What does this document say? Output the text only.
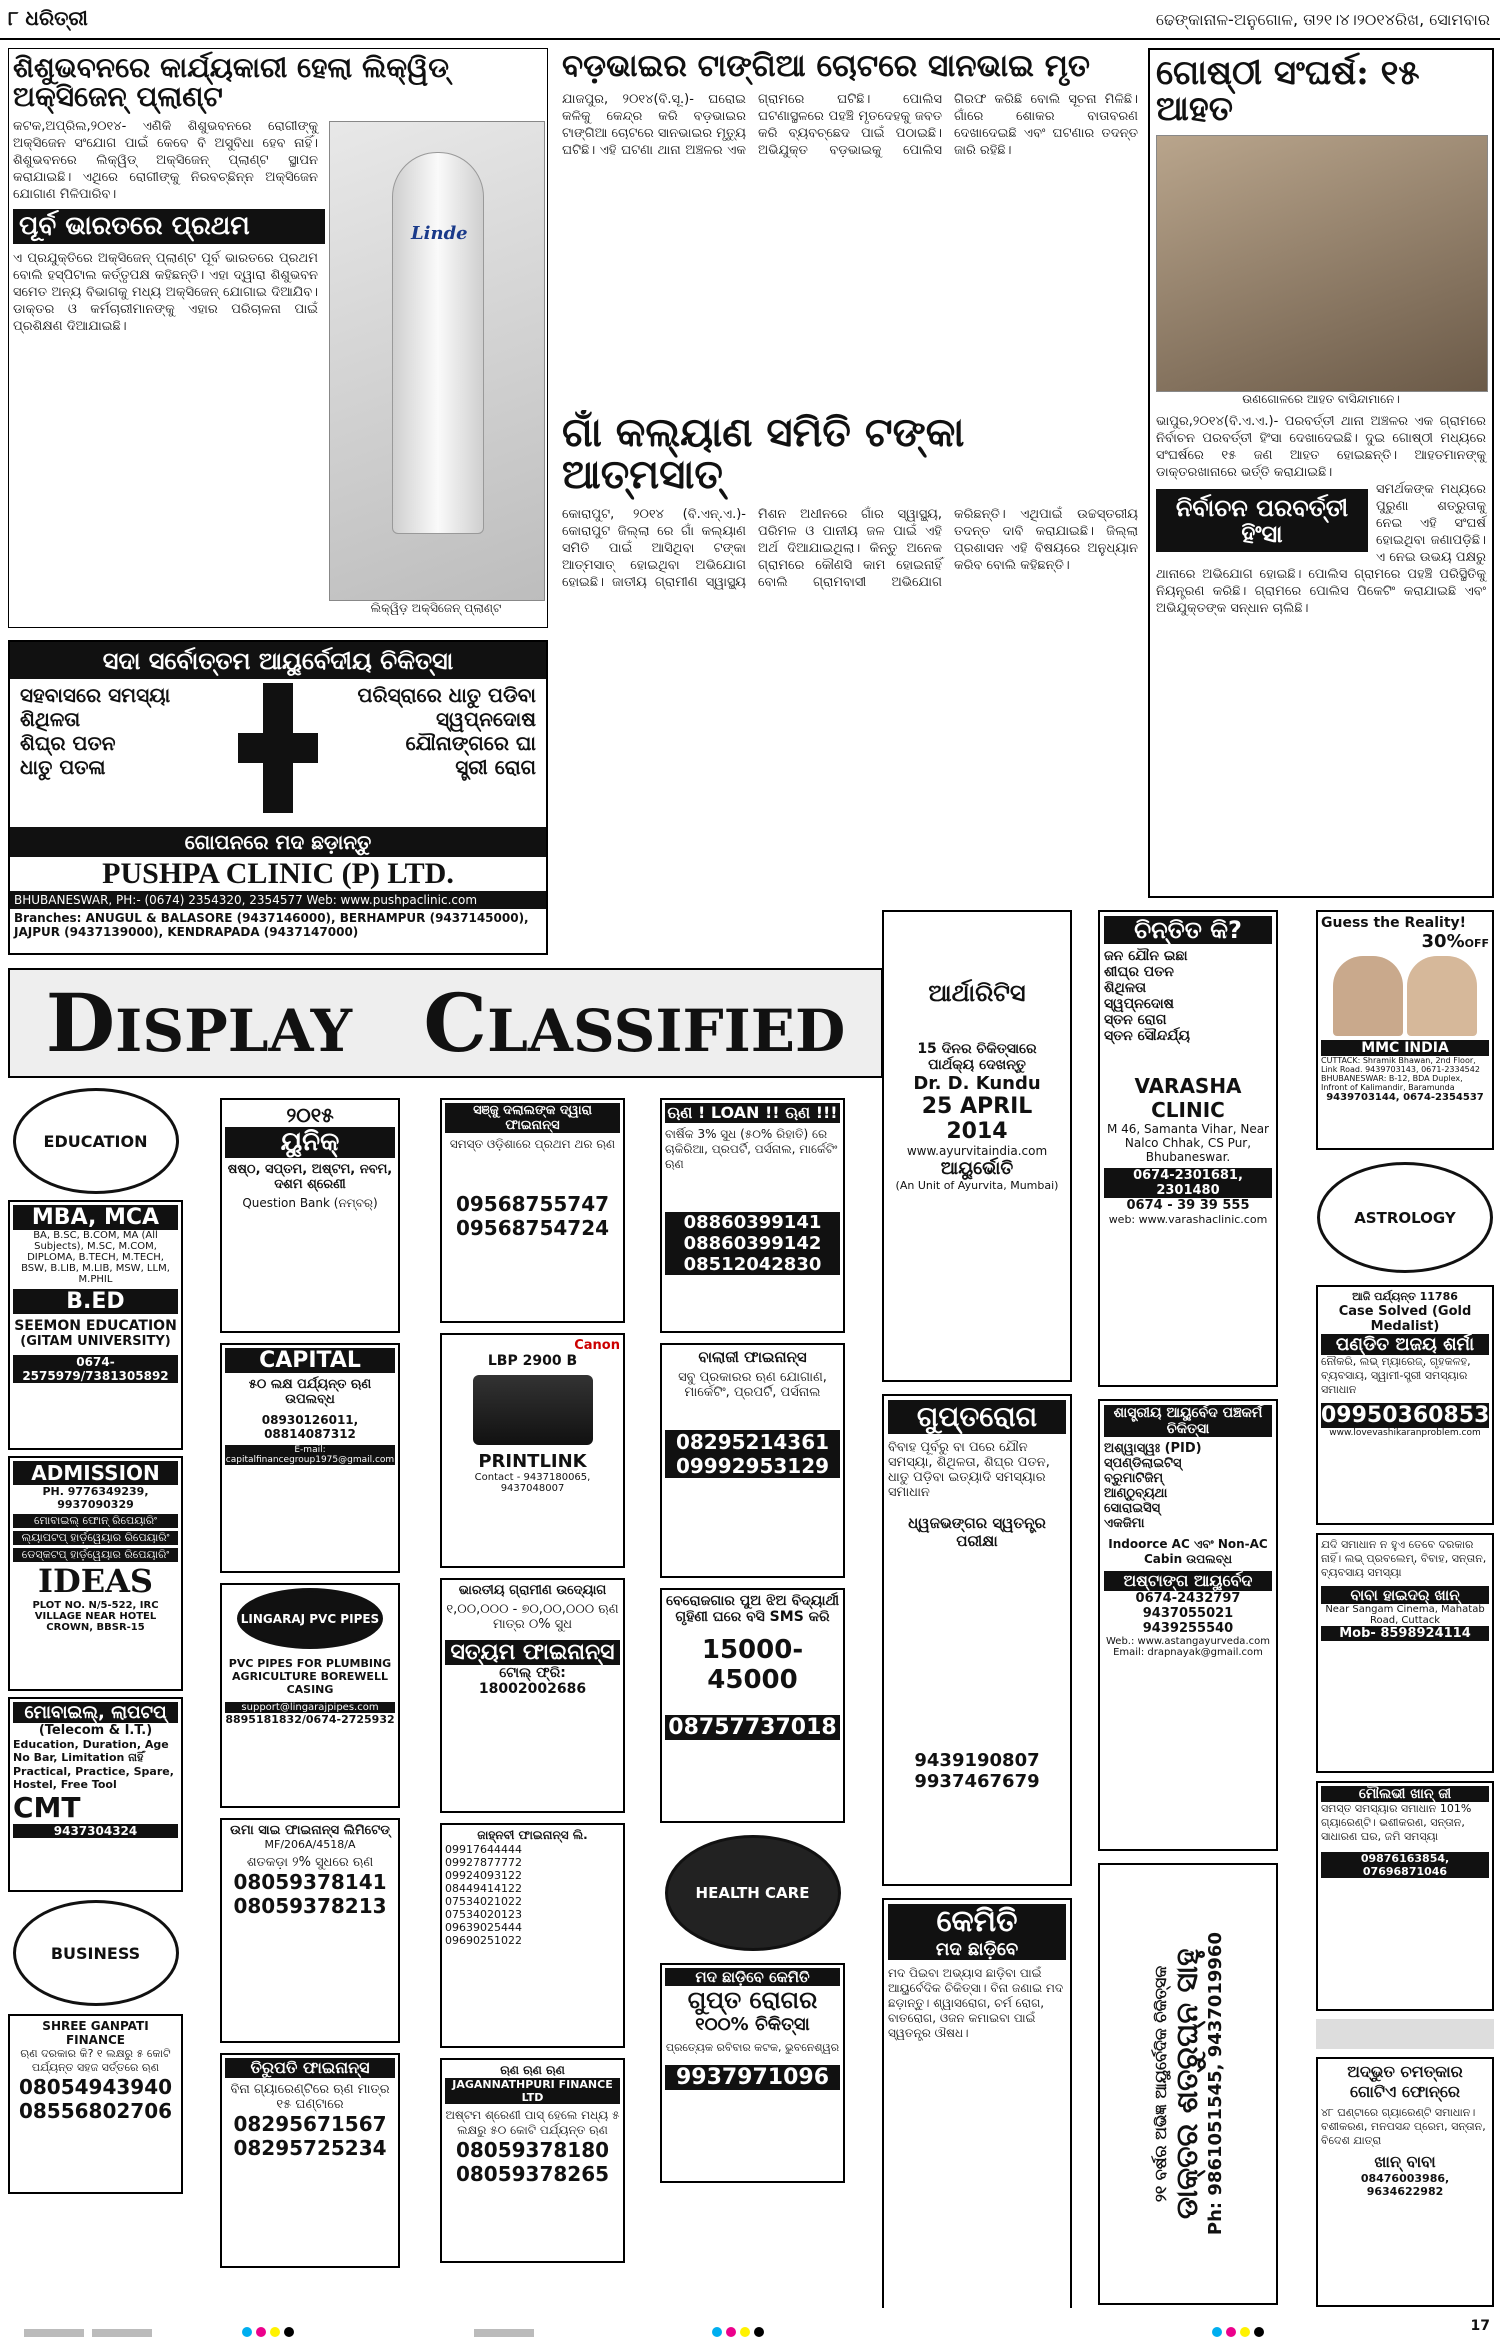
୮ ଧରିତ୍ରୀ	ଢେଙ୍କାନାଳ-ଅନୁଗୋଳ, ତା୨୧।୪।୨୦୧୪ରିଖ, ସୋମବାର
ଶିଶୁଭବନରେ କାର୍ଯ୍ୟକାରୀ ହେଲା ଲିକ୍ୱିଡ୍ ଅକ୍ସିଜେନ୍ ପ୍ଲାଣ୍ଟ
Linde
ଲିକ୍ୱିଡ଼ ଅକ୍ସିଜେନ୍ ପ୍ଲାଣ୍ଟ

କଟକ,ଅପ୍ରିଲ,୨୦୧୪- ଏଣିକି ଶିଶୁଭବନରେ ରୋଗୀଙ୍କୁ ଅକ୍ସିଜେନ ସଂଯୋଗ ପାଇଁ କେବେ ବି ଅସୁବିଧା ହେବ ନାହିଁ। ଶିଶୁଭବନରେ ଲିକ୍ୱିଡ୍ ଅକ୍ସିଜେନ୍ ପ୍ଲାଣ୍ଟ ସ୍ଥାପନ କରାଯାଇଛି। ଏଥିରେ ରୋଗୀଙ୍କୁ ନିରବଚ୍ଛିନ୍ନ ଅକ୍ସିଜେନ ଯୋଗାଣ ମିଳିପାରିବ।

ପୂର୍ବ ଭାରତରେ ପ୍ରଥମ

ଏ ପ୍ରଯୁକ୍ତିରେ ଅକ୍ସିଜେନ୍ ପ୍ଲାଣ୍ଟ ପୂର୍ବ ଭାରତରେ ପ୍ରଥମ ବୋଲି ହସ୍ପିଟାଲ କର୍ତ୍ତୃପକ୍ଷ କହିଛନ୍ତି। ଏହା ଦ୍ୱାରା ଶିଶୁଭବନ ସମେତ ଅନ୍ୟ ବିଭାଗକୁ ମଧ୍ୟ ଅକ୍ସିଜେନ୍ ଯୋଗାଇ ଦିଆଯିବ। ଡାକ୍ତର ଓ କର୍ମଚାରୀମାନଙ୍କୁ ଏହାର ପରିଚାଳନା ପାଇଁ ପ୍ରଶିକ୍ଷଣ ଦିଆଯାଇଛି।

ବଡ଼ଭାଇର ଟାଙ୍ଗିଆ ଚୋଟରେ ସାନଭାଇ ମୃତ
ଯାଜପୁର, ୨୦୧୪(ବି.ସୂ.)- ଘରୋଇ କଳିକୁ କେନ୍ଦ୍ର କରି ବଡ଼ଭାଇର ଟାଙ୍ଗିଆ ଚୋଟରେ ସାନଭାଇର ମୃତ୍ୟୁ ଘଟିଛି। ଏହି ଘଟଣା ଥାନା ଅଞ୍ଚଳର ଏକ ଗ୍ରାମରେ ଘଟିଛି। ପୋଲିସ ଘଟଣାସ୍ଥଳରେ ପହଞ୍ଚି ମୃତଦେହକୁ ଜବତ କରି ବ୍ୟବଚ୍ଛେଦ ପାଇଁ ପଠାଇଛି। ଅଭିଯୁକ୍ତ ବଡ଼ଭାଇକୁ ପୋଲିସ ଗିରଫ କରିଛି ବୋଲି ସୂଚନା ମିଳିଛି। ଗାଁରେ ଶୋକର ବାତାବରଣ ଦେଖାଦେଇଛି ଏବଂ ଘଟଣାର ତଦନ୍ତ ଜାରି ରହିଛି।
ଗାଁ କଲ୍ୟାଣ ସମିତି ଟଙ୍କା ଆତ୍ମସାତ୍
କୋରାପୁଟ, ୨୦୧୪ (ବି.ଏନ୍.ଏ.)- କୋରାପୁଟ ଜିଲ୍ଲା ରେ ଗାଁ କଲ୍ୟାଣ ସମିତି ପାଇଁ ଆସିଥିବା ଟଙ୍କା ଆତ୍ମସାତ୍ ହୋଇଥିବା ଅଭିଯୋଗ ହୋଇଛି। ଜାତୀୟ ଗ୍ରାମୀଣ ସ୍ୱାସ୍ଥ୍ୟ ମିଶନ ଅଧୀନରେ ଗାଁର ସ୍ୱାସ୍ଥ୍ୟ, ପରିମଳ ଓ ପାନୀୟ ଜଳ ପାଇଁ ଏହି ଅର୍ଥ ଦିଆଯାଇଥିଲା। କିନ୍ତୁ ଅନେକ ଗ୍ରାମରେ କୌଣସି କାମ ହୋଇନାହିଁ ବୋଲି ଗ୍ରାମବାସୀ ଅଭିଯୋଗ କରିଛନ୍ତି। ଏଥିପାଇଁ ଉଚ୍ଚସ୍ତରୀୟ ତଦନ୍ତ ଦାବି କରାଯାଇଛି। ଜିଲ୍ଲା ପ୍ରଶାସନ ଏହି ବିଷୟରେ ଅନୁଧ୍ୟାନ କରିବ ବୋଲି କହିଛନ୍ତି।
ଗୋଷ୍ଠୀ ସଂଘର୍ଷ: ୧୫ ଆହତ
ଉଣଗୋଳରେ ଆହତ ବାସିନ୍ଦାମାନେ।
ଭାପୁର,୨୦୧୪(ବି.ଏ.ଏ.)- ପରବର୍ତ୍ତୀ ଥାନା ଅଞ୍ଚଳର ଏକ ଗ୍ରାମରେ ନିର୍ବାଚନ ପରବର୍ତ୍ତୀ ହିଂସା ଦେଖାଦେଇଛି। ଦୁଇ ଗୋଷ୍ଠୀ ମଧ୍ୟରେ ସଂଘର୍ଷରେ ୧୫ ଜଣ ଆହତ ହୋଇଛନ୍ତି। ଆହତମାନଙ୍କୁ ଡାକ୍ତରଖାନାରେ ଭର୍ତ୍ତି କରାଯାଇଛି।
ନିର୍ବାଚନ ପରବର୍ତ୍ତୀ ହିଂସା
ସମର୍ଥକଙ୍କ ମଧ୍ୟରେ ପୁରୁଣା ଶତ୍ରୁତାକୁ ନେଇ ଏହି ସଂଘର୍ଷ ହୋଇଥିବା ଜଣାପଡ଼ିଛି। ଏ ନେଇ ଉଭୟ ପକ୍ଷରୁ ଥାନାରେ ଅଭିଯୋଗ ହୋଇଛି। ପୋଲିସ ଗ୍ରାମରେ ପହଞ୍ଚି ପରିସ୍ଥିତିକୁ ନିୟନ୍ତ୍ରଣ କରିଛି। ଗ୍ରାମରେ ପୋଲିସ ପିକେଟିଂ କରାଯାଇଛି ଏବଂ ଅଭିଯୁକ୍ତଙ୍କ ସନ୍ଧାନ ଚାଲିଛି।
ସଦା ସର୍ବୋତ୍ତମ ଆୟୁର୍ବେଦୀୟ ଚିକିତ୍ସା
ସହବାସରେ ସମସ୍ୟା
ଶିଥିଳତା
ଶିଘ୍ର ପତନ
ଧାତୁ ପତଳା
ପରିସ୍ରାରେ ଧାତୁ ପଡିବା
ସ୍ୱପ୍ନଦୋଷ
ଯୌନାଙ୍ଗରେ ଘା
ସ୍ତ୍ରୀ ରୋଗ
ଗୋପନରେ ମଦ ଛଡ଼ାନ୍ତୁ
PUSHPA CLINIC (P) LTD.
BHUBANESWAR, PH:- (0674) 2354320, 2354577 Web: www.pushpaclinic.com
Branches: ANUGUL & BALASORE (9437146000), BERHAMPUR (9437145000), JAJPUR (9437139000), KENDRAPADA (9437147000)
DISPLAY CLASSIFIED
EDUCATION
MBA, MCA
BA, B.SC, B.COM, MA (All Subjects), M.SC, M.COM, DIPLOMA, B.TECH, M.TECH, BSW, B.LIB, M.LIB, MSW, LLM, M.PHIL
B.ED
SEEMON EDUCATION
(GITAM UNIVERSITY)
0674-2575979/7381305892
ADMISSION
PH. 9776349239, 9937090329
ମୋବାଇଲ୍ ଫୋନ୍ ରିପେୟାରିଂ
ଲ୍ୟାପଟପ୍ ହାର୍ଡ଼ୱେୟାର ରିପେୟାରିଂ
ଡେସ୍କଟପ୍ ହାର୍ଡ଼ୱେୟାର ରିପେୟାରିଂ
IDEAS
PLOT NO. N/5-522, IRC VILLAGE NEAR HOTEL CROWN, BBSR-15
ମୋବାଇଲ୍, ଲାପଟପ୍
(Telecom & I.T.)
Education, Duration, Age No Bar, Limitation ନାହିଁ Practical, Practice, Spare, Hostel, Free Tool
CMT
9437304324
BUSINESS
SHREE GANPATI FINANCE
ଋଣ ଦରକାର କି? ୧ ଲକ୍ଷରୁ ୫ କୋଟି ପର୍ଯ୍ୟନ୍ତ ସହଜ ସର୍ତ୍ତରେ ଋଣ
08054943940
08556802706
୨୦୧୫
ୟୁନିକ୍
ଷଷ୍ଠ, ସପ୍ତମ, ଅଷ୍ଟମ, ନବମ, ଦଶମ ଶ୍ରେଣୀ
Question Bank (ନମ୍ବର୍)
CAPITAL
୫୦ ଲକ୍ଷ ପର୍ଯ୍ୟନ୍ତ ଋଣ ଉପଲବ୍ଧ
08930126011, 08814087312
E-mail: capitalfinancegroup1975@gmail.com
LINGARAJ PVC PIPES
PVC PIPES FOR PLUMBING AGRICULTURE BOREWELL CASING
support@lingarajpipes.com
8895181832/0674-2725932
ଉମା ସାଇ ଫାଇନାନ୍ସ ଲିମିଟେଡ୍
MF/206A/4518/A
ଶତକଡ଼ା ୨% ସୁଧରେ ଋଣ
08059378141
08059378213
ତିରୁପତି ଫାଇନାନ୍ସ
ବିନା ଗ୍ୟାରେଣ୍ଟିରେ ଋଣ ମାତ୍ର ୧୫ ଘଣ୍ଟାରେ
08295671567
08295725234
ସଞ୍ଜୁ ଦଲାଲଙ୍କ ଦ୍ୱାରା ଫାଇନାନ୍ସ
ସମସ୍ତ ଓଡ଼ିଶାରେ ପ୍ରଥମ ଥର ଋଣ
09568755747
09568754724
Canon
LBP 2900 B
PRINTLINK
Contact - 9437180065, 9437048007
ଭାରତୀୟ ଗ୍ରାମୀଣ ଉଦ୍ୟୋଗ
୧,୦୦,୦୦୦ - ୭୦,୦୦,୦୦୦ ଋଣ ମାତ୍ର ୦% ସୁଧ
ସତ୍ୟମ ଫାଇନାନ୍ସ
ଟୋଲ୍ ଫ୍ରି: 18002002686
ଜାହ୍ନବୀ ଫାଇନାନ୍ସ ଲି.
09917644444
09927877772
09924093122
08449414122
07534021022
07534020123
09639025444
09690251022
ଋଣ ଋଣ ଋଣ
JAGANNATHPURI FINANCE LTD
ଅଷ୍ଟମ ଶ୍ରେଣୀ ପାସ୍ ହେଲେ ମଧ୍ୟ ୫ ଲକ୍ଷରୁ ୫୦ କୋଟି ପର୍ଯ୍ୟନ୍ତ ଋଣ
08059378180
08059378265
ଋଣ ! LOAN !! ଋଣ !!!
ବାର୍ଷିକ 3% ସୁଧ (୫୦% ରିହାତି) ରେ ଚାକିରିଆ, ପ୍ରପର୍ଟି, ପର୍ସନାଲ, ମାର୍କେଟିଂ ଋଣ
08860399141
08860399142
08512042830
ବାଲାଜୀ ଫାଇନାନ୍ସ
ସବୁ ପ୍ରକାରର ଋଣ ଯୋଗାଣ, ମାର୍କେଟିଂ, ପ୍ରପର୍ଟି, ପର୍ସନାଲ
08295214361
09992953129
ବେରୋଜଗାର ପୁଅ ଝିଅ ବିଦ୍ୟାର୍ଥୀ ଗୃହିଣୀ ଘରେ ବସି SMS କରି
15000-45000
08757737018
HEALTH CARE
ମଦ ଛାଡ଼ିବେ କେମିତି
ଗୁପ୍ତ ରୋଗର
୧୦୦% ଚିକିତ୍ସା
ପ୍ରତ୍ୟେକ ରବିବାର କଟକ, ଭୁବନେଶ୍ୱର
9937971096
ସୋରାଇସିସ୍
ଓ ଅନ୍ୟ ଚର୍ମରୋଗ
ଆର୍ଥାରିଟିସ
ଡାଇବେଟିସ୍,ସ୍ତ୍ରୀ ରୋଗ
15 ଦିନର ଚିକିତ୍ସାରେ ପାର୍ଥକ୍ୟ ଦେଖନ୍ତୁ
Dr. D. Kundu
25 APRIL 2014
www.ayurvitaindia.com
ଆୟୁର୍ଭୋତି
(An Unit of Ayurvita, Mumbai)
8895434521
ଗୁପ୍ତରୋଗ
ବିବାହ ପୂର୍ବରୁ ବା ପରେ ଯୌନ ସମସ୍ୟା, ଶିଥିଳତା, ଶିଘ୍ର ପତନ, ଧାତୁ ପଡ଼ିବା ଇତ୍ୟାଦି ସମସ୍ୟାର ସମାଧାନ
ଧ୍ୱଜଭଙ୍ଗର ସ୍ୱତନ୍ତ୍ର ପରୀକ୍ଷା
9439190807
9937467679
କେମିତି
ମଦ ଛାଡ଼ିବେ
ମଦ ପିଇବା ଅଭ୍ୟାସ ଛାଡ଼ିବା ପାଇଁ ଆୟୁର୍ବେଦିକ ଚିକିତ୍ସା। ବିନା ଜଣାଇ ମଦ ଛଡ଼ାନ୍ତୁ। ଶ୍ୱାସରୋଗ, ଚର୍ମ ରୋଗ, ବାତରୋଗ, ଓଜନ କମାଇବା ପାଇଁ ସ୍ୱତନ୍ତ୍ର ଔଷଧ।
ଚିନ୍ତିତ କି?
ଜନ ଯୌନ ଇଛା
ଶୀଘ୍ର ପତନ
ଶିଥିଳତା
ସ୍ୱପ୍ନଦୋଷ
ସ୍ତନ ରୋଗ
ସ୍ତନ ସୌନ୍ଦର୍ଯ୍ୟ
VARASHA CLINIC
M 46, Samanta Vihar, Near Nalco Chhak, CS Pur, Bhubaneswar.
0674-2301681, 2301480
0674 - 39 39 555
web: www.varashaclinic.com
ଶାସ୍ତ୍ରୀୟ ଆୟୁର୍ବେଦ ପଞ୍ଚକର୍ମ ଚିକିତ୍ସା
ଅଶ୍ୱାସ୍ୱଃ (PID)
ସ୍ପଣ୍ଡିଲାଇଟିସ୍
ବ୍ରୁମାଟିଜିମ୍
ଆଣ୍ଠୁବ୍ୟଥା
ସୋରାଇସିସ୍
ଏକଜିମା
Indoorce AC ଏବଂ Non-AC Cabin ଉପଲବ୍ଧ
ଅଷ୍ଟାଙ୍ଗ ଆୟୁର୍ବେଦ
0674-2432797
9437055021
9439255540
Web.: www.astangayurveda.com
Email: drapnayak@gmail.com
୨୧ ବର୍ଷର ଅଭିଜ୍ଞ ଆୟୁର୍ବେଦିକ ଚିକିତ୍ସକ ଡାକ୍ତର ଶତ୍ରୁଘ୍ନ ସାହୁ Ph: 9861051545, 9437019960
Guess the Reality!
30%OFF
MMC INDIA
CUTTACK: Shramik Bhawan, 2nd Floor, Link Road. 9439703143, 0671-2334542 BHUBANESWAR: B-12, BDA Duplex, Infront of Kalimandir, Baramunda
9439703144, 0674-2354537
ASTROLOGY
ଆଜି ପର୍ଯ୍ୟନ୍ତ 11786
Case Solved (Gold Medalist)
ପଣ୍ଡିତ ଅଜୟ ଶର୍ମା
ନୌକରି, ଲଭ୍ ମ୍ୟାରେଜ୍, ଗୃହକଳହ, ବ୍ୟବସାୟ, ସ୍ୱାମୀ-ସ୍ତ୍ରୀ ସମସ୍ୟାର ସମାଧାନ
09950360853
www.lovevashikaranproblem.com
ଯଦି ସମାଧାନ ନ ହୁଏ ତେବେ ଦରକାର ନାହିଁ। ଲଭ୍ ପ୍ରବଲେମ୍, ବିବାହ, ସନ୍ତାନ, ବ୍ୟବସାୟ ସମସ୍ୟା
ବାବା ହାଇଦର୍ ଖାନ୍
Near Sangam Cinema, Mahatab Road, Cuttack
Mob- 8598924114
ମୌଲଭୀ ଖାନ୍ ଜୀ
ସମସ୍ତ ସମସ୍ୟାର ସମାଧାନ 101% ଗ୍ୟାରେଣ୍ଟି। ଭଶୀକରଣ, ସନ୍ତାନ, ସାଧାରଣ ଘର, ଜମି ସମସ୍ୟା
09876163854, 07696871046
ଅଦ୍ଭୁତ ଚମତ୍କାର
ଗୋଟିଏ ଫୋନ୍‌ରେ
୪୮ ଘଣ୍ଟାରେ ଗ୍ୟାରେଣ୍ଟି ସମାଧାନ। ବଶୀକରଣ, ମନପସନ୍ଦ ପ୍ରେମ, ସନ୍ତାନ, ବିଦେଶ ଯାତ୍ରା
ଖାନ୍ ବାବା
08476003986, 9634622982
17
